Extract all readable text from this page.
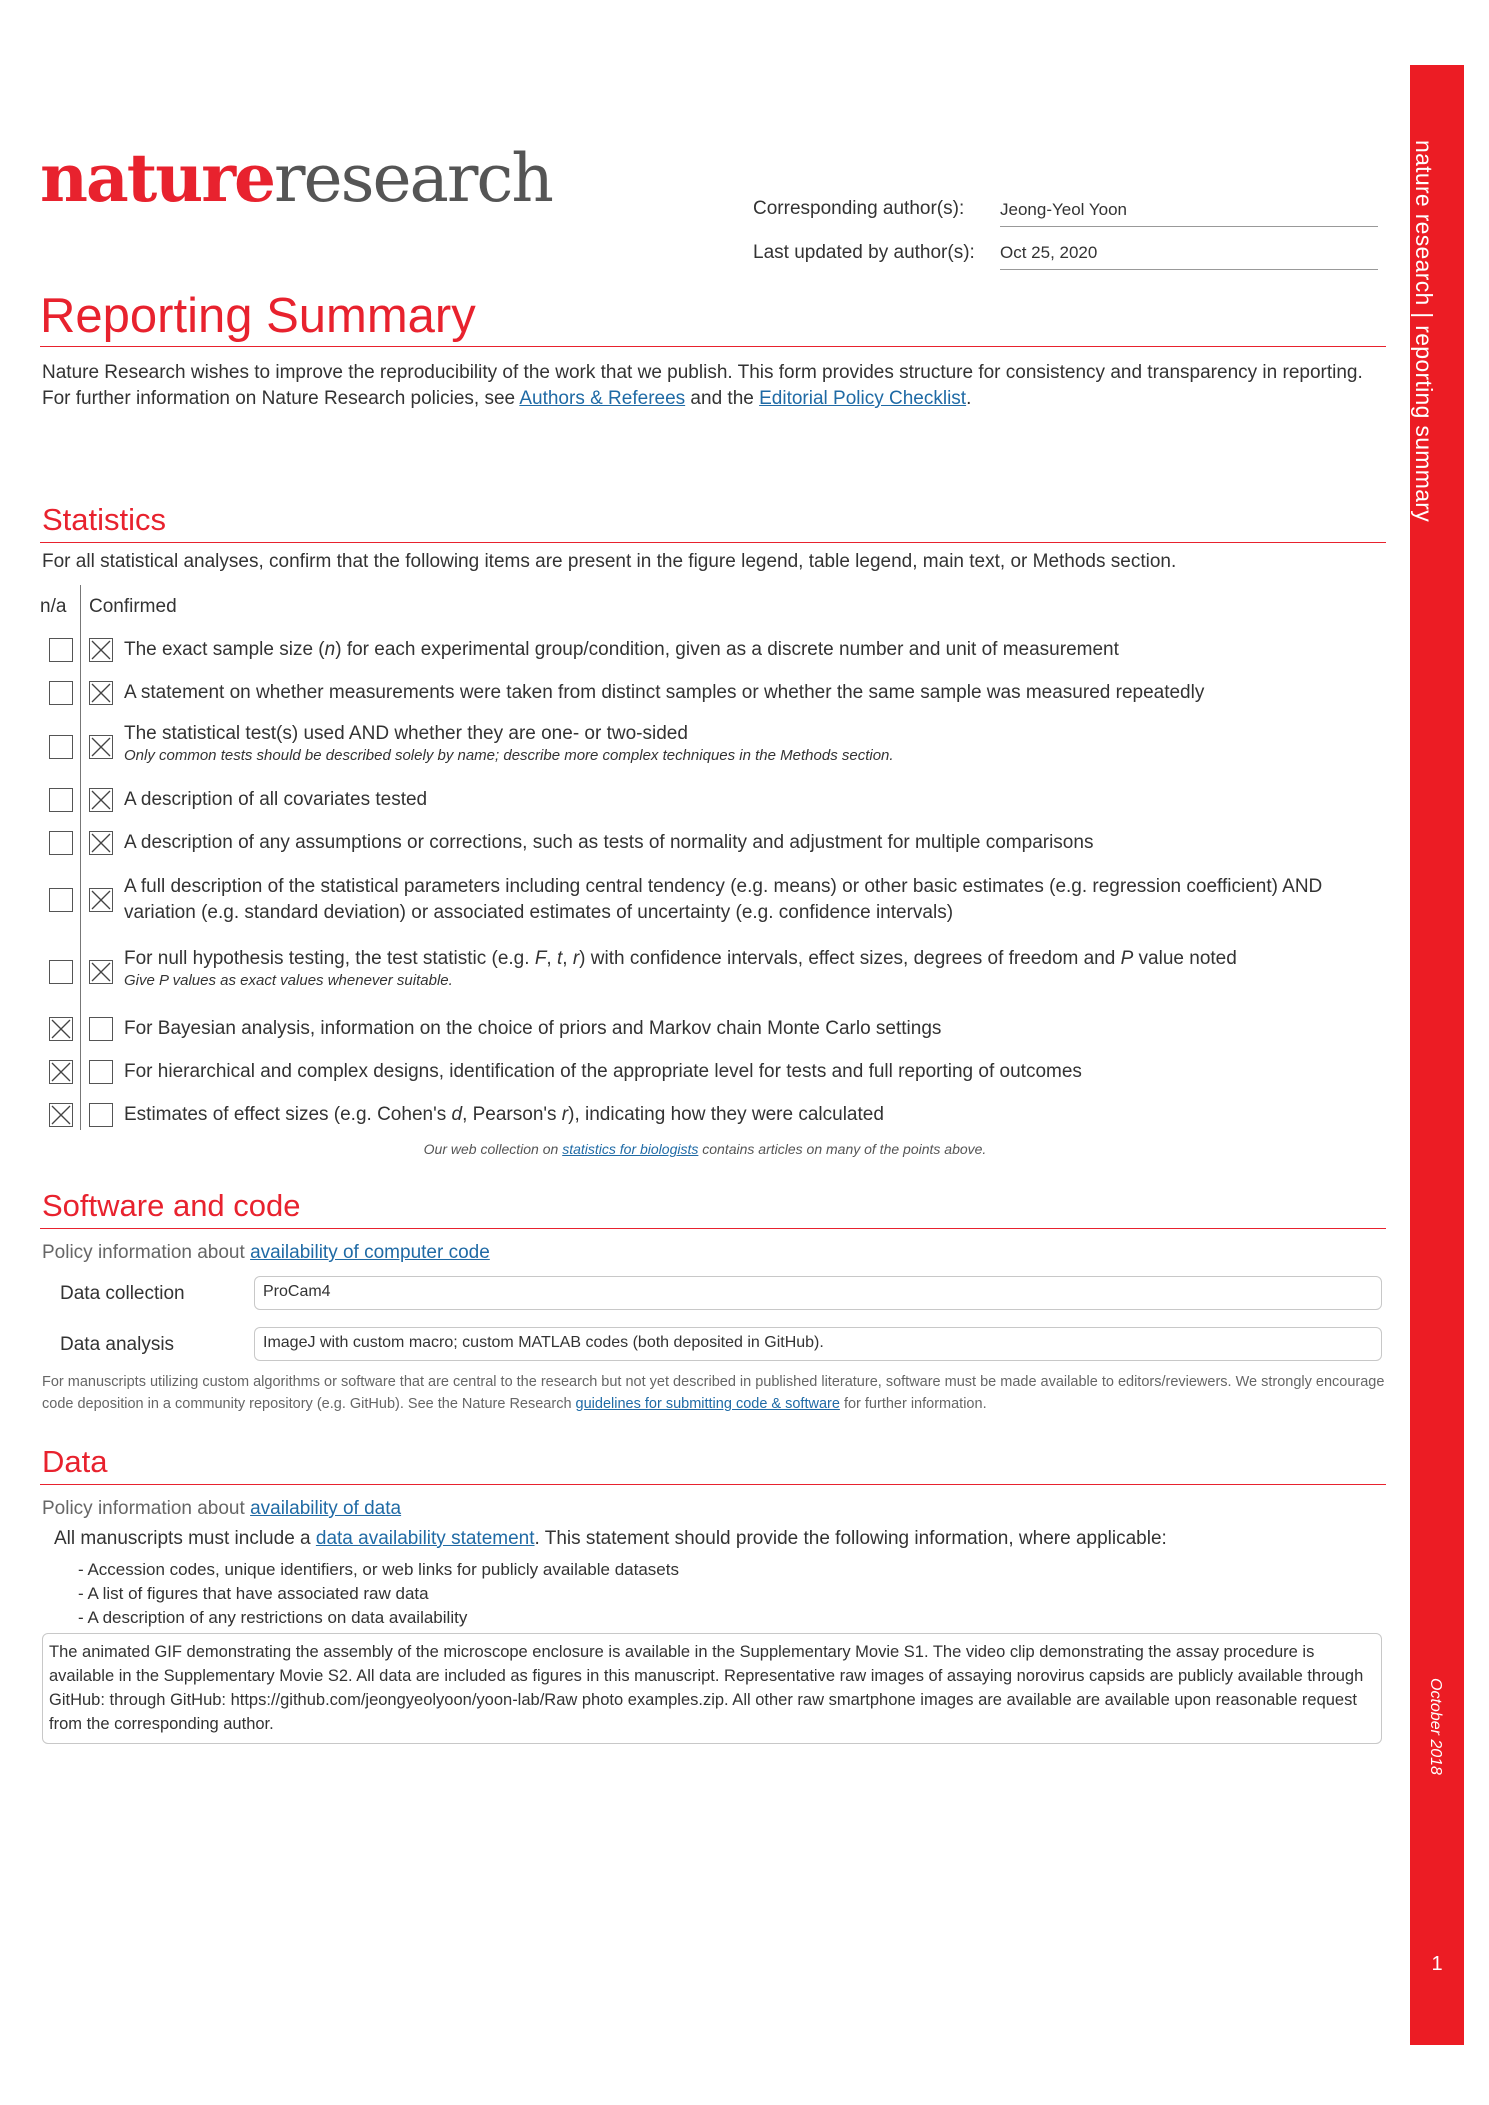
nature research | reporting summary
October 2018
1
natureresearch	Corresponding author(s): Jeong-Yeol Yoon
Last updated by author(s): Oct 25, 2020
Reporting Summary
Nature Research wishes to improve the reproducibility of the work that we publish. This form provides structure for consistency and transparency in reporting. For further information on Nature Research policies, see Authors & Referees and the Editorial Policy Checklist.
Statistics
For all statistical analyses, confirm that the following items are present in the figure legend, table legend, main text, or Methods section.
n/a Confirmed
The exact sample size (n) for each experimental group/condition, given as a discrete number and unit of measurement
A statement on whether measurements were taken from distinct samples or whether the same sample was measured repeatedly
The statistical test(s) used AND whether they are one- or two-sided
Only common tests should be described solely by name; describe more complex techniques in the Methods section.
A description of all covariates tested
A description of any assumptions or corrections, such as tests of normality and adjustment for multiple comparisons
A full description of the statistical parameters including central tendency (e.g. means) or other basic estimates (e.g. regression coefficient) AND variation (e.g. standard deviation) or associated estimates of uncertainty (e.g. confidence intervals)
For null hypothesis testing, the test statistic (e.g. F, t, r) with confidence intervals, effect sizes, degrees of freedom and P value noted
Give P values as exact values whenever suitable.
For Bayesian analysis, information on the choice of priors and Markov chain Monte Carlo settings
For hierarchical and complex designs, identification of the appropriate level for tests and full reporting of outcomes
Estimates of effect sizes (e.g. Cohen's d, Pearson's r), indicating how they were calculated
Our web collection on statistics for biologists contains articles on many of the points above.
Software and code
Policy information about availability of computer code
Data collection	ProCam4
Data analysis	ImageJ with custom macro; custom MATLAB codes (both deposited in GitHub).
For manuscripts utilizing custom algorithms or software that are central to the research but not yet described in published literature, software must be made available to editors/reviewers. We strongly encourage code deposition in a community repository (e.g. GitHub). See the Nature Research guidelines for submitting code & software for further information.
Data
Policy information about availability of data
All manuscripts must include a data availability statement. This statement should provide the following information, where applicable:
- Accession codes, unique identifiers, or web links for publicly available datasets
- A list of figures that have associated raw data
- A description of any restrictions on data availability
The animated GIF demonstrating the assembly of the microscope enclosure is available in the Supplementary Movie S1. The video clip demonstrating the assay procedure is available in the Supplementary Movie S2. All data are included as figures in this manuscript. Representative raw images of assaying norovirus capsids are publicly available through GitHub: through GitHub: https://github.com/jeongyeolyoon/yoon-lab/Raw photo examples.zip. All other raw smartphone images are available are available upon reasonable request from the corresponding author.
